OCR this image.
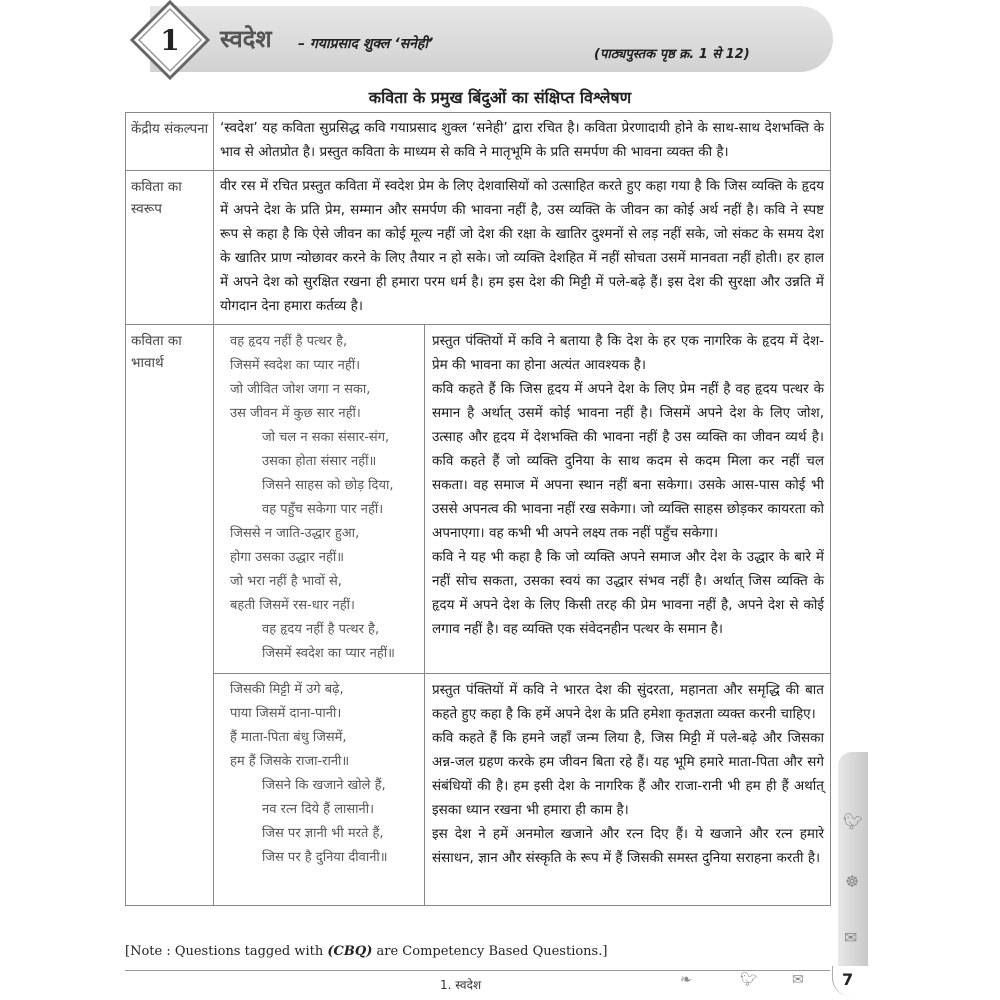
1 स्वदेश – गयाप्रसाद शुक्ल ‘सनेही’
(पाठ्यपुस्तक पृष्ठ क्र. 1 से 12)
कविता के प्रमुख बिंदुओं का संक्षिप्त विश्लेषण
केंद्रीय संकल्पना ‘स्वदेश’ यह कविता सुप्रसिद्ध कवि गयाप्रसाद शुक्ल ‘सनेही’ द्वारा रचित है। कविता प्रेरणादायी होने के साथ-साथ देशभक्ति के भाव से ओतप्रोत है। प्रस्तुत कविता के माध्यम से कवि ने मातृभूमि के प्रति समर्पण की भावना व्यक्त की है।
कविता का स्वरूप
वीर रस में रचित प्रस्तुत कविता में स्वदेश प्रेम के लिए देशवासियों को उत्साहित करते हुए कहा गया है कि जिस व्यक्ति के हृदय में अपने देश के प्रति प्रेम, सम्मान और समर्पण की भावना नहीं है, उस व्यक्ति के जीवन का कोई अर्थ नहीं है। कवि ने स्पष्ट रूप से कहा है कि ऐसे जीवन का कोई मूल्य नहीं जो देश की रक्षा के खातिर दुश्मनों से लड़ नहीं सके, जो संकट के समय देश के खातिर प्राण न्योछावर करने के लिए तैयार न हो सके। जो व्यक्ति देशहित में नहीं सोचता उसमें मानवता नहीं होती। हर हाल में अपने देश को सुरक्षित रखना ही हमारा परम धर्म है। हम इस देश की मिट्टी में पले-बढ़े हैं। इस देश की सुरक्षा और उन्नति में योगदान देना हमारा कर्तव्य है।
कविता का भावार्थ
वह हृदय नहीं है पत्थर है,
जिसमें स्वदेश का प्यार नहीं।
जो जीवित जोश जगा न सका,
उस जीवन में कुछ सार नहीं।
जो चल न सका संसार-संग,
उसका होता संसार नहीं॥
जिसने साहस को छोड़ दिया,
वह पहुँच सकेगा पार नहीं।
जिससे न जाति-उद्धार हुआ,
होगा उसका उद्धार नहीं॥
जो भरा नहीं है भावों से,
बहती जिसमें रस-धार नहीं।
वह हृदय नहीं है पत्थर है,
जिसमें स्वदेश का प्यार नहीं॥
प्रस्तुत पंक्तियों में कवि ने बताया है कि देश के हर एक नागरिक के हृदय में देश-प्रेम की भावना का होना अत्यंत आवश्यक है।
कवि कहते हैं कि जिस हृदय में अपने देश के लिए प्रेम नहीं है वह हृदय पत्थर के समान है अर्थात् उसमें कोई भावना नहीं है। जिसमें अपने देश के लिए जोश, उत्साह और हृदय में देशभक्ति की भावना नहीं है उस व्यक्ति का जीवन व्यर्थ है। कवि कहते हैं जो व्यक्ति दुनिया के साथ कदम से कदम मिला कर नहीं चल सकता। वह समाज में अपना स्थान नहीं बना सकेगा। उसके आस-पास कोई भी उससे अपनत्व की भावना नहीं रख सकेगा। जो व्यक्ति साहस छोड़कर कायरता को अपनाएगा। वह कभी भी अपने लक्ष्य तक नहीं पहुँच सकेगा।
कवि ने यह भी कहा है कि जो व्यक्ति अपने समाज और देश के उद्धार के बारे में नहीं सोच सकता, उसका स्वयं का उद्धार संभव नहीं है। अर्थात् जिस व्यक्ति के हृदय में अपने देश के लिए किसी तरह की प्रेम भावना नहीं है, अपने देश से कोई लगाव नहीं है। वह व्यक्ति एक संवेदनहीन पत्थर के समान है।
जिसकी मिट्टी में उगे बढ़े,
पाया जिसमें दाना-पानी।
हैं माता-पिता बंधु जिसमें,
हम हैं जिसके राजा-रानी॥
जिसने कि खजाने खोले हैं,
नव रत्न दिये हैं लासानी।
जिस पर ज्ञानी भी मरते हैं,
जिस पर है दुनिया दीवानी॥
प्रस्तुत पंक्तियों में कवि ने भारत देश की सुंदरता, महानता और समृद्धि की बात कहते हुए कहा है कि हमें अपने देश के प्रति हमेशा कृतज्ञता व्यक्त करनी चाहिए।
कवि कहते हैं कि हमने जहाँ जन्म लिया है, जिस मिट्टी में पले-बढ़े और जिसका अन्न-जल ग्रहण करके हम जीवन बिता रहे हैं। यह भूमि हमारे माता-पिता और सगे संबंधियों की है। हम इसी देश के नागरिक हैं और राजा-रानी भी हम ही हैं अर्थात् इसका ध्यान रखना भी हमारा ही काम है।
इस देश ने हमें अनमोल खजाने और रत्न दिए हैं। ये खजाने और रत्न हमारे संसाधन, ज्ञान और संस्कृति के रूप में हैं जिसकी समस्त दुनिया सराहना करती है।
🐦︎
☸
✉
[Note : Questions tagged with (CBQ) are Competency Based Questions.]
1. स्वदेश	❧	🐦︎ ✉ 7
